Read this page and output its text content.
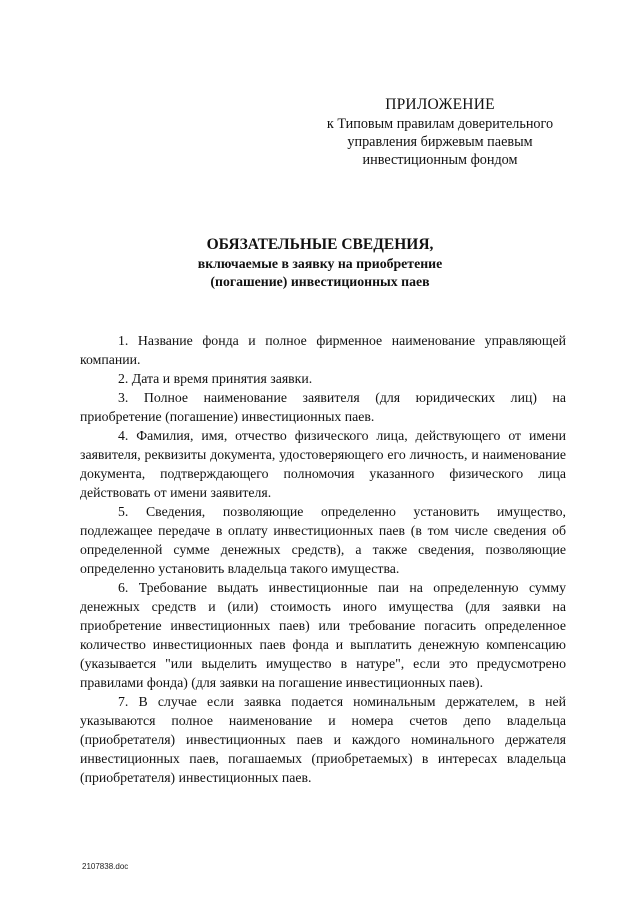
ПРИЛОЖЕНИЕ
к Типовым правилам доверительного
управления биржевым паевым
инвестиционным фондом
ОБЯЗАТЕЛЬНЫЕ СВЕДЕНИЯ,
включаемые в заявку на приобретение
(погашение) инвестиционных паев

1. Название фонда и полное фирменное наименование управляющей компании.

2. Дата и время принятия заявки.

3. Полное наименование заявителя (для юридических лиц) на приобретение (погашение) инвестиционных паев.

4. Фамилия, имя, отчество физического лица, действующего от имени заявителя, реквизиты документа, удостоверяющего его личность, и наименование документа, подтверждающего полномочия указанного физического лица действовать от имени заявителя.

5. Сведения, позволяющие определенно установить имущество, подлежащее передаче в оплату инвестиционных паев (в том числе сведения об определенной сумме денежных средств), а также сведения, позволяющие определенно установить владельца такого имущества.

6. Требование выдать инвестиционные паи на определенную сумму денежных средств и (или) стоимость иного имущества (для заявки на приобретение инвестиционных паев) или требование погасить определенное количество инвестиционных паев фонда и выплатить денежную компенсацию (указывается "или выделить имущество в натуре", если это предусмотрено правилами фонда) (для заявки на погашение инвестиционных паев).

7. В случае если заявка подается номинальным держателем, в ней указываются полное наименование и номера счетов депо владельца (приобретателя) инвестиционных паев и каждого номинального держателя инвестиционных паев, погашаемых (приобретаемых) в интересах владельца (приобретателя) инвестиционных паев.

2107838.doc
